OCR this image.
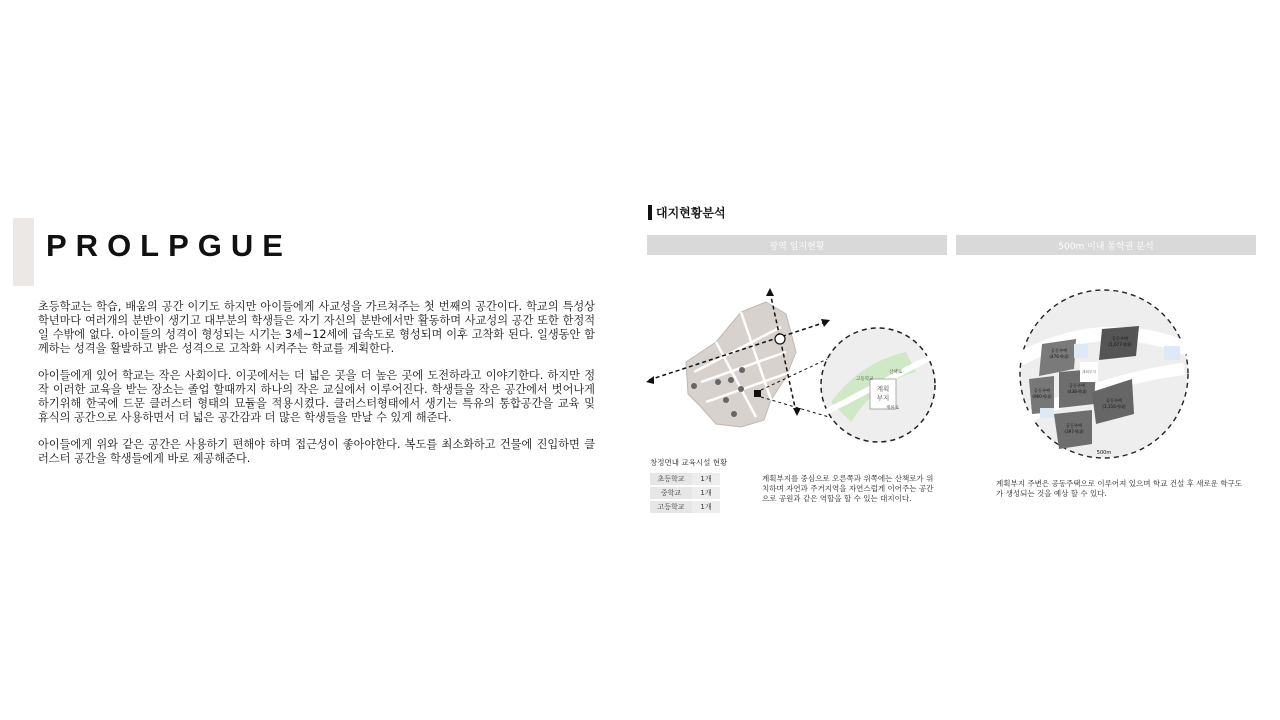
PROLPGUE

초등학교는 학습, 배움의 공간 이기도 하지만 아이들에게 사교성을 가르쳐주는 첫 번째의 공간이다. 학교의 특성상 학년마다 여러개의 분반이 생기고 대부분의 학생들은 자기 자신의 분반에서만 활동하며 사교성의 공간 또한 한정적일 수밖에 없다. 아이들의 성격이 형성되는 시기는 3세~12세에 급속도로 형성되며 이후 고착화 된다. 일생동안 함께하는 성격을 활발하고 밝은 성격으로 고착화 시켜주는 학교를 계획한다.

아이들에게 있어 학교는 작은 사회이다. 이곳에서는 더 넓은 곳을 더 높은 곳에 도전하라고 이야기한다. 하지만 정작 이러한 교육을 받는 장소는 졸업 할때까지 하나의 작은 교실에서 이루어진다. 학생들을 작은 공간에서 벗어나게 하기위해 한국에 드문 클러스터 형태의 묘듈을 적용시켰다. 클러스터형태에서 생기는 특유의 통합공간을 교육 및 휴식의 공간으로 사용하면서 더 넓은 공간감과 더 많은 학생들을 만날 수 있게 해준다.

아이들에게 위와 같은 공간은 사용하기 편해야 하며 접근성이 좋아야한다. 복도를 최소화하고 건물에 진입하면 클러스터 공간을 학생들에게 바로 제공해준다.

대지현황분석
광역 입지현황	500m 이내 통학권 분석
계획
부지
고등학교
산책로
계류로
계획부지
공동주택
(476세대)
공동주택
(1,077세대)
공동주택
(960세대)
공동주택
(438세대)
공동주택
(1,116세대)
공동주택
(397세대)
500m
창정면내 교육시설 현황
초등학교	1개
중학교	1개
고등학교	1개
계획부지를 중심으로 오른쪽과 위쪽에는 산책로가 위치하며 자연과 주거지역을 자연스럽게 이어주는 공간으로 공원과 같은 역할을 할 수 있는 대지이다.
계획부지 주변은 공동주택으로 이루어져 있으며 학교 건설 후 새로운 학구도가 생성되는 것을 예상 할 수 있다.
